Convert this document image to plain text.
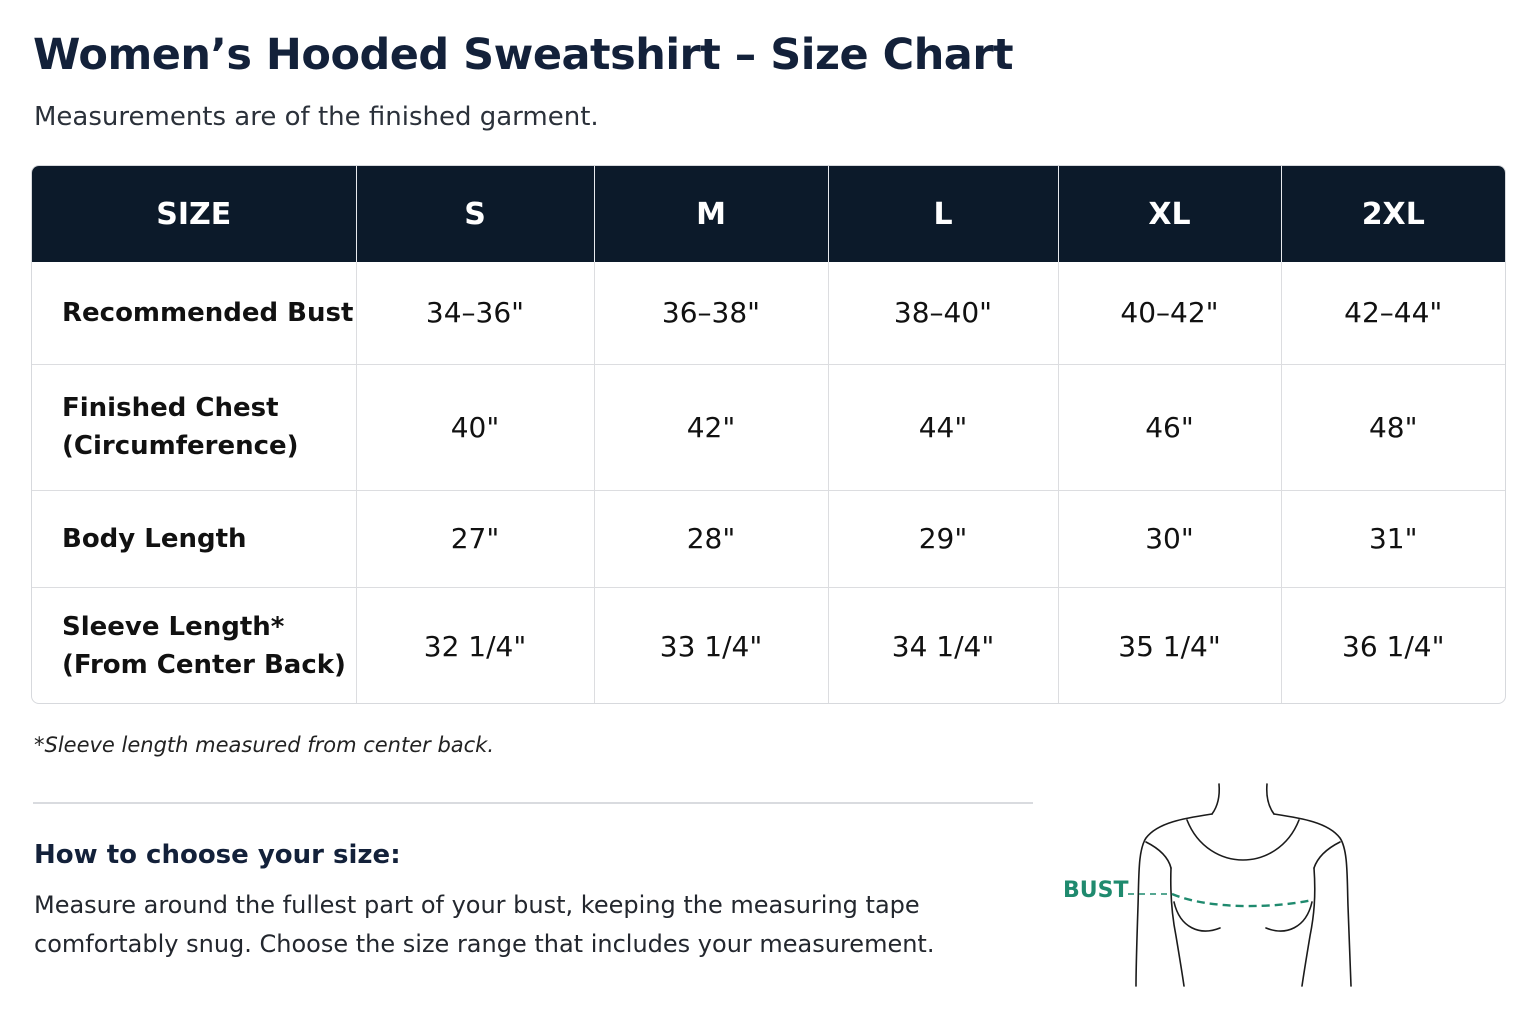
Women’s Hooded Sweatshirt – Size Chart
Measurements are of the finished garment.
SIZE	S	M	L	XL	2XL

Recommended Bust	34–36"	36–38"	38–40"	40–42"	42–44"

Finished Chest
(Circumference)	40"	42"	44"	46"	48"

Body Length	27"	28"	29"	30"	31"

Sleeve Length*
(From Center Back)	32 1/4"	33 1/4"	34 1/4"	35 1/4"	36 1/4"
*Sleeve length measured from center back.
How to choose your size:
Measure around the fullest part of your bust, keeping the measuring tape
comfortably snug. Choose the size range that includes your measurement.
BUST
